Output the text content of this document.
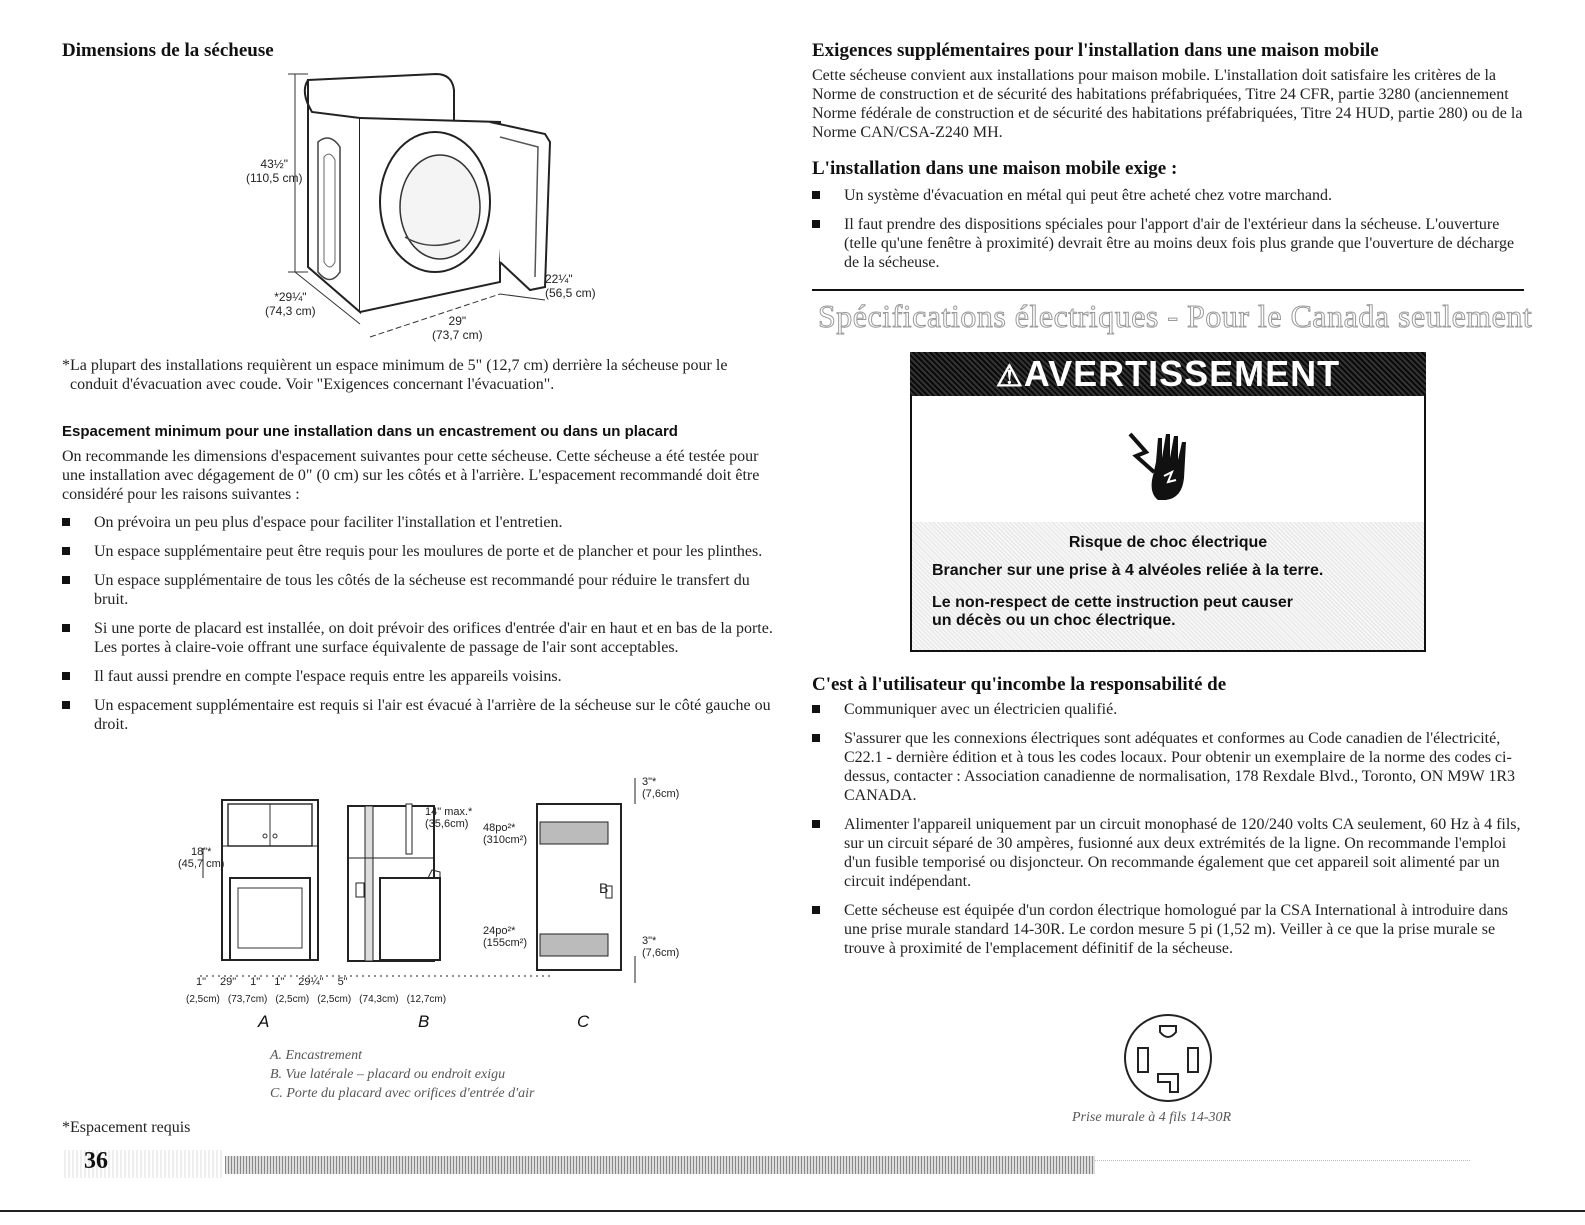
Dimensions de la sécheuse
43½"
(110,5 cm)
*29¼"
(74,3 cm)
29"
(73,7 cm)
22¼"
(56,5 cm)
*La plupart des installations requièrent un espace minimum de 5" (12,7 cm) derrière la sécheuse pour le conduit d'évacuation avec coude. Voir "Exigences concernant l'évacuation".
Espacement minimum pour une installation dans un encastrement ou dans un placard
On recommande les dimensions d'espacement suivantes pour cette sécheuse. Cette sécheuse a été testée pour une installation avec dégagement de 0" (0 cm) sur les côtés et à l'arrière. L'espacement recommandé doit être considéré pour les raisons suivantes :
On prévoira un peu plus d'espace pour faciliter l'installation et l'entretien.
Un espace supplémentaire peut être requis pour les moulures de porte et de plancher et pour les plinthes.
Un espace supplémentaire de tous les côtés de la sécheuse est recommandé pour réduire le transfert du bruit.
Si une porte de placard est installée, on doit prévoir des orifices d'entrée d'air en haut et en bas de la porte. Les portes à claire-voie offrant une surface équivalente de passage de l'air sont acceptables.
Il faut aussi prendre en compte l'espace requis entre les appareils voisins.
Un espacement supplémentaire est requis si l'air est évacué à l'arrière de la sécheuse sur le côté gauche ou droit.
18"*
(45,7 cm)
14" max.*
(35,6cm)	48po²*
(310cm²)
24po²*
(155cm²)
3"*
(7,6cm)
3"*
(7,6cm)
B
1" 29" 1" 1" 29¼" 5"
(2,5cm) (73,7cm) (2,5cm) (2,5cm) (74,3cm) (12,7cm)
A	B	C
A. Encastrement
B. Vue latérale – placard ou endroit exigu
C. Porte du placard avec orifices d'entrée d'air
*Espacement requis
36
Exigences supplémentaires pour l'installation dans une maison mobile
Cette sécheuse convient aux installations pour maison mobile. L'installation doit satisfaire les critères de la Norme de construction et de sécurité des habitations préfabriquées, Titre 24 CFR, partie 3280 (anciennement Norme fédérale de construction et de sécurité des habitations préfabriquées, Titre 24 HUD, partie 280) ou de la Norme CAN/CSA-Z240 MH.
L'installation dans une maison mobile exige :
Un système d'évacuation en métal qui peut être acheté chez votre marchand.
Il faut prendre des dispositions spéciales pour l'apport d'air de l'extérieur dans la sécheuse. L'ouverture (telle qu'une fenêtre à proximité) devrait être au moins deux fois plus grande que l'ouverture de décharge de la sécheuse.
Spécifications électriques - Pour le Canada seulement
⚠AVERTISSEMENT
Risque de choc électrique
Brancher sur une prise à 4 alvéoles reliée à la terre.
Le non-respect de cette instruction peut causer
un décès ou un choc électrique.
C'est à l'utilisateur qu'incombe la responsabilité de
Communiquer avec un électricien qualifié.
S'assurer que les connexions électriques sont adéquates et conformes au Code canadien de l'électricité, C22.1 - dernière édition et à tous les codes locaux. Pour obtenir un exemplaire de la norme des codes ci-dessus, contacter : Association canadienne de normalisation, 178 Rexdale Blvd., Toronto, ON M9W 1R3 CANADA.
Alimenter l'appareil uniquement par un circuit monophasé de 120/240 volts CA seulement, 60 Hz à 4 fils, sur un circuit séparé de 30 ampères, fusionné aux deux extrémités de la ligne. On recommande l'emploi d'un fusible temporisé ou disjoncteur. On recommande également que cet appareil soit alimenté par un circuit indépendant.
Cette sécheuse est équipée d'un cordon électrique homologué par la CSA International à introduire dans une prise murale standard 14-30R. Le cordon mesure 5 pi (1,52 m). Veiller à ce que la prise murale se trouve à proximité de l'emplacement définitif de la sécheuse.
Prise murale à 4 fils 14-30R
